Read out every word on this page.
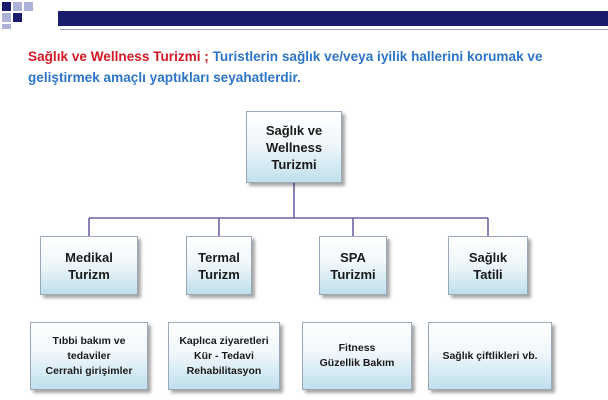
Sağlık ve Wellness Turizmi ; Turistlerin sağlık ve/veya iyilik hallerini korumak ve geliştirmek amaçlı yaptıkları seyahatlerdir.
Sağlık ve
Wellness
Turizmi
Medikal
Turizm
Termal
Turizm
SPA
Turizmi
Sağlık
Tatili
Tıbbi bakım ve
tedaviler
Cerrahi girişimler
Kaplıca ziyaretleri
Kür - Tedavi
Rehabilitasyon
Fitness
Güzellik Bakım
Sağlık çiftlikleri vb.
